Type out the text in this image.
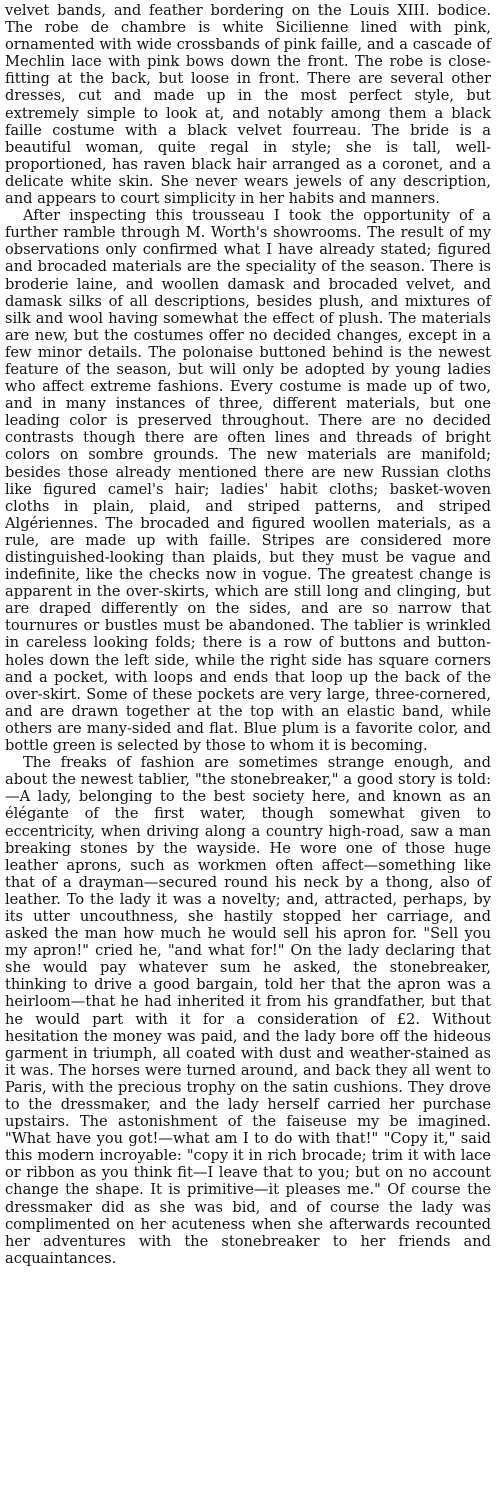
velvet bands, and feather bordering on the Louis XIII. bodice. The robe de chambre is white Sicilienne lined with pink, ornamented with wide crossbands of pink faille, and a cascade of Mechlin lace with pink bows down the front. The robe is close-fitting at the back, but loose in front. There are several other dresses, cut and made up in the most perfect style, but extremely simple to look at, and notably among them a black faille costume with a black velvet fourreau. The bride is a beautiful woman, quite regal in style; she is tall, well-proportioned, has raven black hair arranged as a coronet, and a delicate white skin. She never wears jewels of any description, and appears to court simplicity in her habits and manners.

After inspecting this trousseau I took the opportunity of a further ramble through M. Worth's showrooms. The result of my observations only confirmed what I have already stated; figured and brocaded materials are the speciality of the season. There is broderie laine, and woollen damask and brocaded velvet, and damask silks of all descriptions, besides plush, and mixtures of silk and wool having somewhat the effect of plush. The materials are new, but the costumes offer no decided changes, except in a few minor details. The polonaise buttoned behind is the newest feature of the season, but will only be adopted by young ladies who affect extreme fashions. Every costume is made up of two, and in many instances of three, different materials, but one leading color is preserved throughout. There are no decided contrasts though there are often lines and threads of bright colors on sombre grounds. The new materials are manifold; besides those already mentioned there are new Russian cloths like figured camel's hair; ladies' habit cloths; basket-woven cloths in plain, plaid, and striped patterns, and striped Algériennes. The brocaded and figured woollen materials, as a rule, are made up with faille. Stripes are considered more distinguished-looking than plaids, but they must be vague and indefinite, like the checks now in vogue. The greatest change is apparent in the over-skirts, which are still long and clinging, but are draped differently on the sides, and are so narrow that tournures or bustles must be abandoned. The tablier is wrinkled in careless looking folds; there is a row of buttons and button-holes down the left side, while the right side has square corners and a pocket, with loops and ends that loop up the back of the over-skirt. Some of these pockets are very large, three-cornered, and are drawn together at the top with an elastic band, while others are many-sided and flat. Blue plum is a favorite color, and bottle green is selected by those to whom it is becoming.

The freaks of fashion are sometimes strange enough, and about the newest tablier, "the stonebreaker," a good story is told:—A lady, belonging to the best society here, and known as an élégante of the first water, though somewhat given to eccentricity, when driving along a country high-road, saw a man breaking stones by the wayside. He wore one of those huge leather aprons, such as workmen often affect—something like that of a drayman—secured round his neck by a thong, also of leather. To the lady it was a novelty; and, attracted, perhaps, by its utter uncouthness, she hastily stopped her carriage, and asked the man how much he would sell his apron for. "Sell you my apron!" cried he, "and what for!" On the lady declaring that she would pay whatever sum he asked, the stonebreaker, thinking to drive a good bargain, told her that the apron was a heirloom—that he had inherited it from his grandfather, but that he would part with it for a consideration of £2. Without hesitation the money was paid, and the lady bore off the hideous garment in triumph, all coated with dust and weather-stained as it was. The horses were turned around, and back they all went to Paris, with the precious trophy on the satin cushions. They drove to the dressmaker, and the lady herself carried her purchase upstairs. The astonishment of the faiseuse my be imagined. "What have you got!—what am I to do with that!" "Copy it," said this modern incroyable: "copy it in rich brocade; trim it with lace or ribbon as you think fit—I leave that to you; but on no account change the shape. It is primitive—it pleases me." Of course the dressmaker did as she was bid, and of course the lady was complimented on her acuteness when she afterwards recounted her adventures with the stonebreaker to her friends and acquaintances.
